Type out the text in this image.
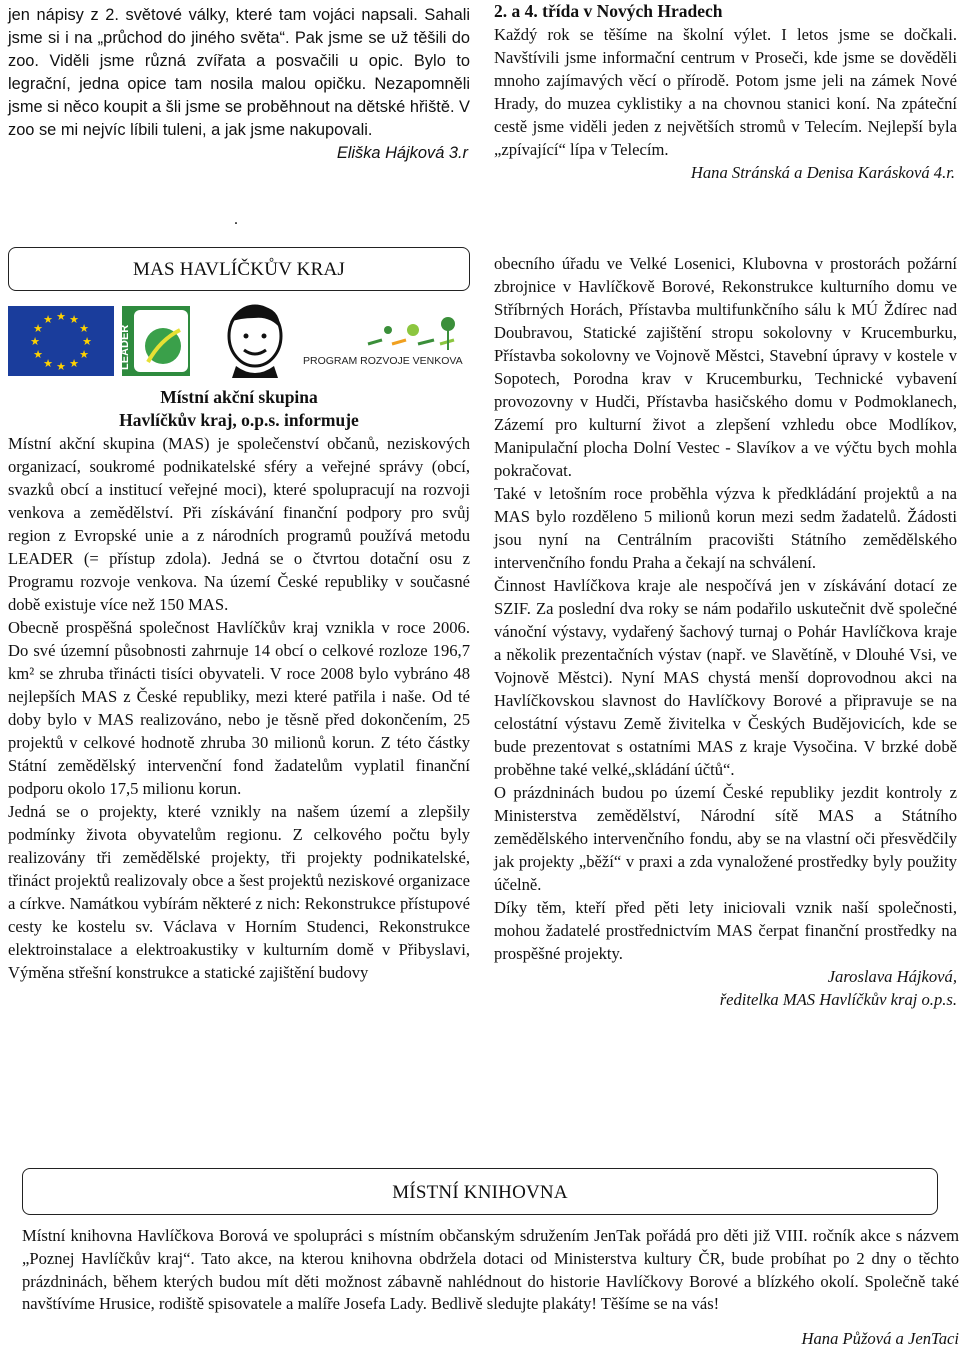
jen nápisy z 2. světové války, které tam vojáci napsali. Sahali jsme si i na „průchod do jiného světa“. Pak jsme se už těšili do zoo. Viděli jsme různá zvířata a posvačili u opic. Bylo to legrační, jedna opice tam nosila malou opičku. Nezapomněli jsme si něco koupit a šli jsme se proběhnout na dětské hřiště. V zoo se mi nejvíc líbili tuleni, a jak jsme nakupovali.

Eliška Hájková 3.r
.
2. a 4. třída v Nových Hradech

Každý rok se těšíme na školní výlet. I letos jsme se dočkali. Navštívili jsme informační centrum v Proseči, kde jsme se dověděli mnoho zajímavých věcí o přírodě. Potom jsme jeli na zámek Nové Hrady, do muzea cyklistiky a na chovnou stanici koní. Na zpáteční cestě jsme viděli jeden z největších stromů v Telecím. Nejlepší byla „zpívající“ lípa v Telecím.

Hana Stránská a Denisa Karásková 4.r.
MAS HAVLÍČKŮV KRAJ
★ ★
★
★
★
★
★
★
★
★
★
★
LEADER	PROGRAM ROZVOJE VENKOVA
Místní akční skupina
Havlíčkův kraj, o.p.s. informuje

Místní akční skupina (MAS) je společenství občanů, neziskových organizací, soukromé podnikatelské sféry a veřejné správy (obcí, svazků obcí a institucí veřejné moci), které spolupracují na rozvoji venkova a zemědělství. Při získávání finanční podpory pro svůj region z Evropské unie a z národních programů používá metodu LEADER (= přístup zdola). Jedná se o čtvrtou dotační osu z Programu rozvoje venkova. Na území České republiky v současné době existuje více než 150 MAS.

Obecně prospěšná společnost Havlíčkův kraj vznikla v roce 2006. Do své územní působnosti zahrnuje 14 obcí o celkové rozloze 196,7 km² se zhruba třinácti tisíci obyvateli. V roce 2008 bylo vybráno 48 nejlepších MAS z České republiky, mezi které patřila i naše. Od té doby bylo v MAS realizováno, nebo je těsně před dokončením, 25 projektů v celkové hodnotě zhruba 30 milionů korun. Z této částky Státní zemědělský intervenční fond žadatelům vyplatil finanční podporu okolo 17,5 milionu korun.

Jedná se o projekty, které vznikly na našem území a zlepšily podmínky života obyvatelům regionu. Z celkového počtu byly realizovány tři zemědělské projekty, tři projekty podnikatelské, třináct projektů realizovaly obce a šest projektů neziskové organizace a církve. Namátkou vybírám některé z nich: Rekonstrukce přístupové cesty ke kostelu sv. Václava v Horním Studenci, Rekonstrukce elektroinstalace a elektroakustiky v kulturním domě v Přibyslavi, Výměna střešní konstrukce a statické zajištění budovy

obecního úřadu ve Velké Losenici, Klubovna v prostorách požární zbrojnice v Havlíčkově Borové, Rekonstrukce kulturního domu ve Stříbrných Horách, Přístavba multifunkčního sálu k MÚ Ždírec nad Doubravou, Statické zajištění stropu sokolovny v Krucemburku, Přístavba sokolovny ve Vojnově Městci, Stavební úpravy v kostele v Sopotech, Porodna krav v Krucemburku, Technické vybavení provozovny v Hudči, Přístavba hasičského domu v Podmoklanech, Zázemí pro kulturní život a zlepšení vzhledu obce Modlíkov, Manipulační plocha Dolní Vestec - Slavíkov a ve výčtu bych mohla pokračovat.

Také v letošním roce proběhla výzva k předkládání projektů a na MAS bylo rozděleno 5 milionů korun mezi sedm žadatelů. Žádosti jsou nyní na Centrálním pracovišti Státního zemědělského intervenčního fondu Praha a čekají na schválení.

Činnost Havlíčkova kraje ale nespočívá jen v získávání dotací ze SZIF. Za poslední dva roky se nám podařilo uskutečnit dvě společné vánoční výstavy, vydařený šachový turnaj o Pohár Havlíčkova kraje a několik prezentačních výstav (např. ve Slavětíně, v Dlouhé Vsi, ve Vojnově Městci). Nyní MAS chystá menší doprovodnou akci na Havlíčkovskou slavnost do Havlíčkovy Borové a připravuje se na celostátní výstavu Země živitelka v Českých Budějovicích, kde se bude prezentovat s ostatními MAS z kraje Vysočina. V brzké době proběhne také velké„skládání účtů“.

O prázdninách budou po území České republiky jezdit kontroly z Ministerstva zemědělství, Národní sítě MAS a Státního zemědělského intervenčního fondu, aby se na vlastní oči přesvědčily jak projekty „běží“ v praxi a zda vynaložené prostředky byly použity účelně.

Díky těm, kteří před pěti lety iniciovali vznik naší společnosti, mohou žadatelé prostřednictvím MAS čerpat finanční prostředky na prospěšné projekty.

Jaroslava Hájková,
ředitelka MAS Havlíčkův kraj o.p.s.
MÍSTNÍ KNIHOVNA

Místní knihovna Havlíčkova Borová ve spolupráci s místním občanským sdružením JenTak pořádá pro děti již VIII. ročník akce s názvem „Poznej Havlíčkův kraj“. Tato akce, na kterou knihovna obdržela dotaci od Ministerstva kultury ČR, bude probíhat po 2 dny o těchto prázdninách, během kterých budou mít děti možnost zábavně nahlédnout do historie Havlíčkovy Borové a blízkého okolí. Společně také navštívíme Hrusice, rodiště spisovatele a malíře Josefa Lady. Bedlivě sledujte plakáty! Těšíme se na vás!

Hana Půžová a JenTaci
